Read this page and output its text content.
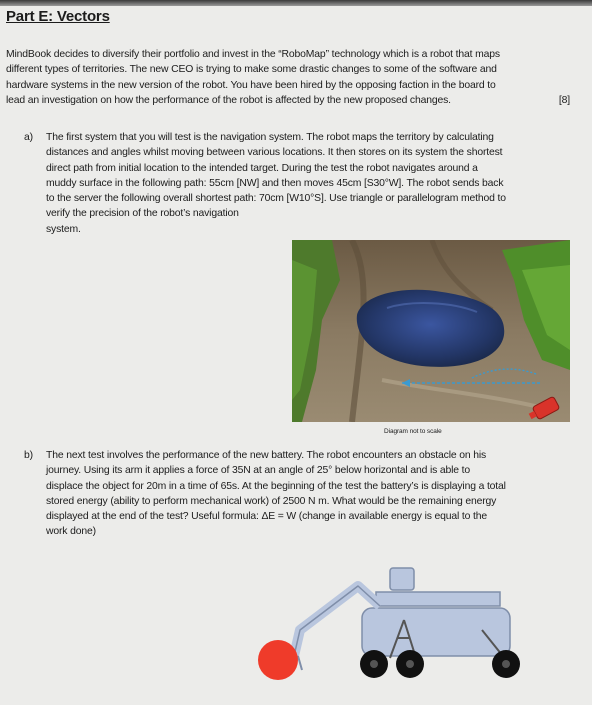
Part E: Vectors
MindBook decides to diversify their portfolio and invest in the “RoboMap” technology which is a robot that maps
different types of territories. The new CEO is trying to make some drastic changes to some of the software and
hardware systems in the new version of the robot. You have been hired by the opposing faction in the board to
lead an investigation on how the performance of the robot is affected by the new proposed changes.	[8]
a) The first system that you will test is the navigation system. The robot maps the territory by calculating
distances and angles whilst moving between various locations. It then stores on its system the shortest
direct path from initial location to the intended target. During the test the robot navigates around a
muddy surface in the following path: 55cm [NW] and then moves 45cm [S30°W]. The robot sends back
to the server the following overall shortest path: 70cm [W10°S]. Use triangle or parallelogram method to

verify the precision of the robot’s navigation
system.
Diagram not to scale
b) The next test involves the performance of the new battery. The robot encounters an obstacle on his
journey. Using its arm it applies a force of 35N at an angle of 25° below horizontal and is able to
displace the object for 20m in a time of 65s. At the beginning of the test the battery’s is displaying a total
stored energy (ability to perform mechanical work) of 2500 N m. What would be the remaining energy
displayed at the end of the test? Useful formula: ΔE = W (change in available energy is equal to the
work done)
